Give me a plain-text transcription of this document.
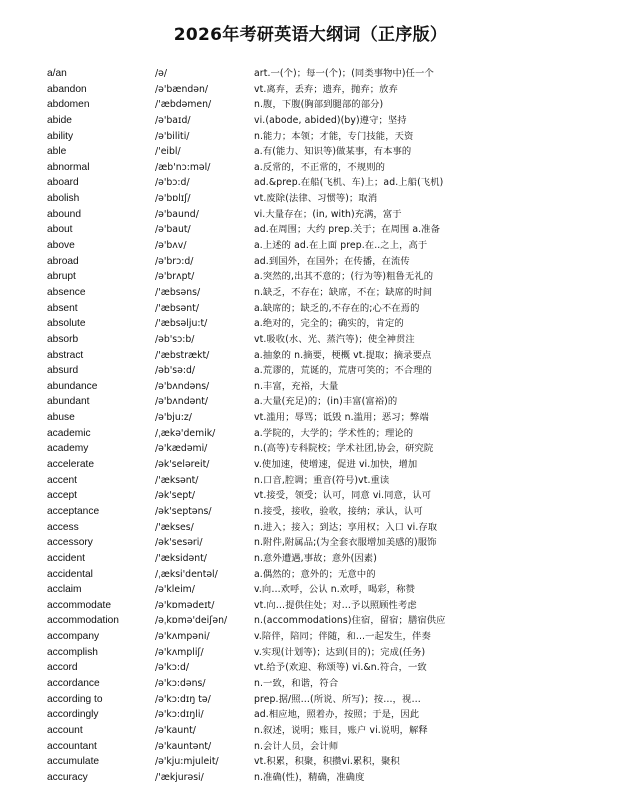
2026年考研英语大纲词（正序版）
a/an	/ə/	art.一(个)；每一(个)；(同类事物中)任一个
abandon	/ə'bændən/	vt.离弃，丢弃；遗弃，抛弃；放弃
abdomen	/'æbdəmen/	n.腹，下腹(胸部到腿部的部分)
abide	/ə'baɪd/	vi.(abode, abided)(by)遵守；坚持
ability	/ə'biliti/	n.能力；本领；才能，专门技能，天资
able	/'eibl/	a.有(能力、知识等)做某事，有本事的
abnormal	/æb'nɔ:məl/	a.反常的，不正常的，不规则的
aboard	/ə'bɔ:d/	ad.&prep.在船(飞机、车)上；ad.上船(飞机)
abolish	/ə'bɒlɪʃ/	vt.废除(法律、习惯等)；取消
abound	/ə'baund/	vi.大量存在；(in, with)充满，富于
about	/ə'baut/	ad.在周围；大约 prep.关于；在周围 a.准备
above	/ə'bʌv/	a.上述的 ad.在上面 prep.在..之上，高于
abroad	/ə'brɔ:d/	ad.到国外，在国外；在传播，在流传
abrupt	/ə'brʌpt/	a.突然的,出其不意的；(行为等)粗鲁无礼的
absence	/'æbsəns/	n.缺乏，不存在；缺席，不在；缺席的时间
absent	/'æbsənt/	a.缺席的；缺乏的,不存在的;心不在焉的
absolute	/'æbsəlju:t/	a.绝对的，完全的；确实的，肯定的
absorb	/əb'sɔ:b/	vt.吸收(水、光、蒸汽等)；使全神贯注
abstract	/'æbstrækt/	a.抽象的 n.摘要，梗概 vt.提取；摘录要点
absurd	/əb'sə:d/	a.荒谬的，荒诞的，荒唐可笑的；不合理的
abundance	/ə'bʌndəns/	n.丰富，充裕，大量
abundant	/ə'bʌndənt/	a.大量(充足)的；(in)丰富(富裕)的
abuse	/ə'bju:z/	vt.滥用；辱骂；诋毁 n.滥用；恶习；弊端
academic	/ˌækə'demik/	a.学院的，大学的；学术性的；理论的
academy	/ə'kædəmi/	n.(高等)专科院校；学术社团,协会，研究院
accelerate	/ək'seləreit/	v.使加速，使增速，促进 vi.加快，增加
accent	/'æksənt/	n.口音,腔调；重音(符号)vt.重读
accept	/ək'sept/	vt.接受，领受；认可，同意 vi.同意，认可
acceptance	/ək'septəns/	n.接受，接收，验收，接纳；承认，认可
access	/'ækses/	n.进入；接入；到达；享用权；入口 vi.存取
accessory	/ək'sesəri/	n.附件,附属品;(为全套衣服增加美感的)服饰
accident	/'æksidənt/	n.意外遭遇,事故；意外(因素)
accidental	/ˌæksi'dentəl/	a.偶然的；意外的；无意中的
acclaim	/ə'kleim/	v.向…欢呼，公认 n.欢呼，喝彩，称赞
accommodate	/ə'kɒmədeɪt/	vt.向…提供住处；对…予以照顾性考虑
accommodation	/əˌkɒmə'deiʃən/	n.(accommodations)住宿，留宿；膳宿供应
accompany	/ə'kʌmpəni/	v.陪伴，陪同；伴随，和...一起发生，伴奏
accomplish	/ə'kʌmpliʃ/	v.实现(计划等)；达到(目的)；完成(任务)
accord	/ə'kɔ:d/	vt.给予(欢迎、称颂等) vi.&n.符合，一致
accordance	/ə'kɔ:dəns/	n.一致，和谐，符合
according to	/ə'kɔ:dɪŋ tə/	prep.据/照…(所说、所写)；按…，视…
accordingly	/ə'kɔ:dɪŋli/	ad.相应地，照着办，按照；于是，因此
account	/ə'kaunt/	n.叙述，说明；账目，账户 vi.说明，解释
accountant	/ə'kauntənt/	n.会计人员，会计师
accumulate	/ə'kju:mjuleit/	vt.积累，积聚，积攒vi.累积，聚积
accuracy	/'ækjurəsi/	n.准确(性)，精确，准确度
